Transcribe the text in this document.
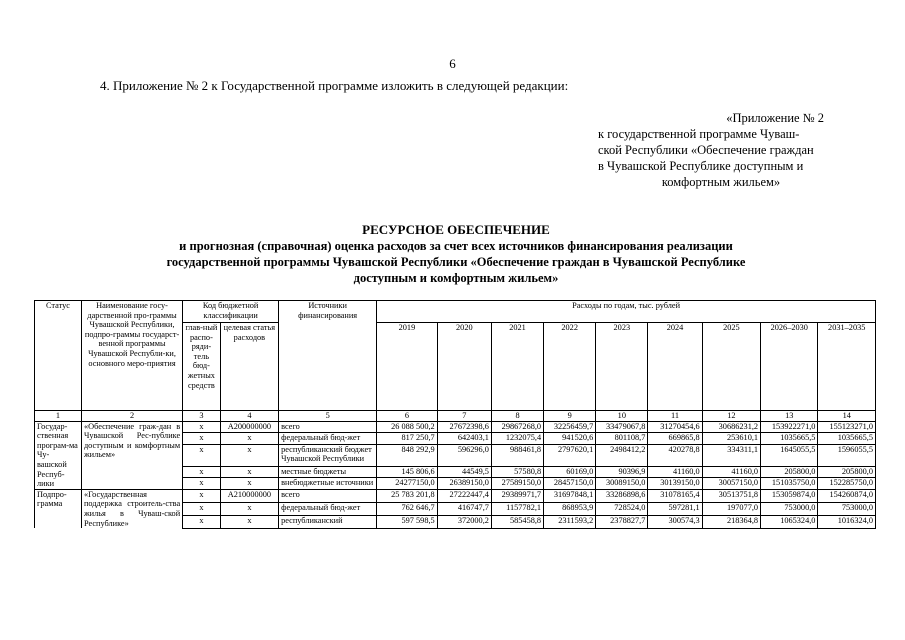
6
4. Приложение № 2 к Государственной программе изложить в следующей редакции:
«Приложение № 2
к государственной программе Чуваш-
ской Республики «Обеспечение граждан
в Чувашской Республике доступным и
комфортным жильем»
РЕСУРСНОЕ ОБЕСПЕЧЕНИЕ
и прогнозная (справочная) оценка расходов за счет всех источников финансирования реализации
государственной программы Чувашской Республики «Обеспечение граждан в Чувашской Республике
доступным и комфортным жильем»
Статус	Наименование госу-дарственной про-граммы Чувашской Республики, подпро-граммы государст-венной программы Чувашской Республи-ки, основного меро-приятия	Код бюджетной классификации		Источники финансирования	Расходы по годам, тыс. рублей								
		глав-ный распо-ряди-тель бюд-жетных средств	целевая статья расходов		2019	2020	2021	2022	2023	2024	2025	2026–2030	2031–2035
1	2	3	4	5	6	7	8	9	10	11	12	13	14
Государ-ственная програм-ма Чу-вашской Респуб-лики	«Обеспечение граж-дан в Чувашской Рес-публике доступным и комфортным жильем»	х	А200000000	всего	26 088 500,2	27672398,6	29867268,0	32256459,7	33479067,8	31270454,6	30686231,2	153922271,0	155123271,0
		х	х	федеральный бюд-жет	817 250,7	642403,1	1232075,4	941520,6	801108,7	669865,8	253610,1	1035665,5	1035665,5
		х	х	республиканский бюджет Чувашской Республики	848 292,9	596296,0	988461,8	2797620,1	2498412,2	420278,8	334311,1	1645055,5	1596055,5
		х	х	местные бюджеты	145 806,6	44549,5	57580,8	60169,0	90396,9	41160,0	41160,0	205800,0	205800,0
		х	х	внебюджетные источники	24277150,0	26389150,0	27589150,0	28457150,0	30089150,0	30139150,0	30057150,0	151035750,0	152285750,0
Подпро-грамма	«Государственная поддержка строитель-ства жилья в Чуваш-ской Республике»	х	А210000000	всего	25 783 201,8	27222447,4	29389971,7	31697848,1	33286898,6	31078165,4	30513751,8	153059874,0	154260874,0
		х	х	федеральный бюд-жет	762 646,7	416747,7	1157782,1	868953,9	728524,0	597281,1	197077,0	753000,0	753000,0
		х	х	республиканский	597 598,5	372000,2	585458,8	2311593,2	2378827,7	300574,3	218364,8	1065324,0	1016324,0
